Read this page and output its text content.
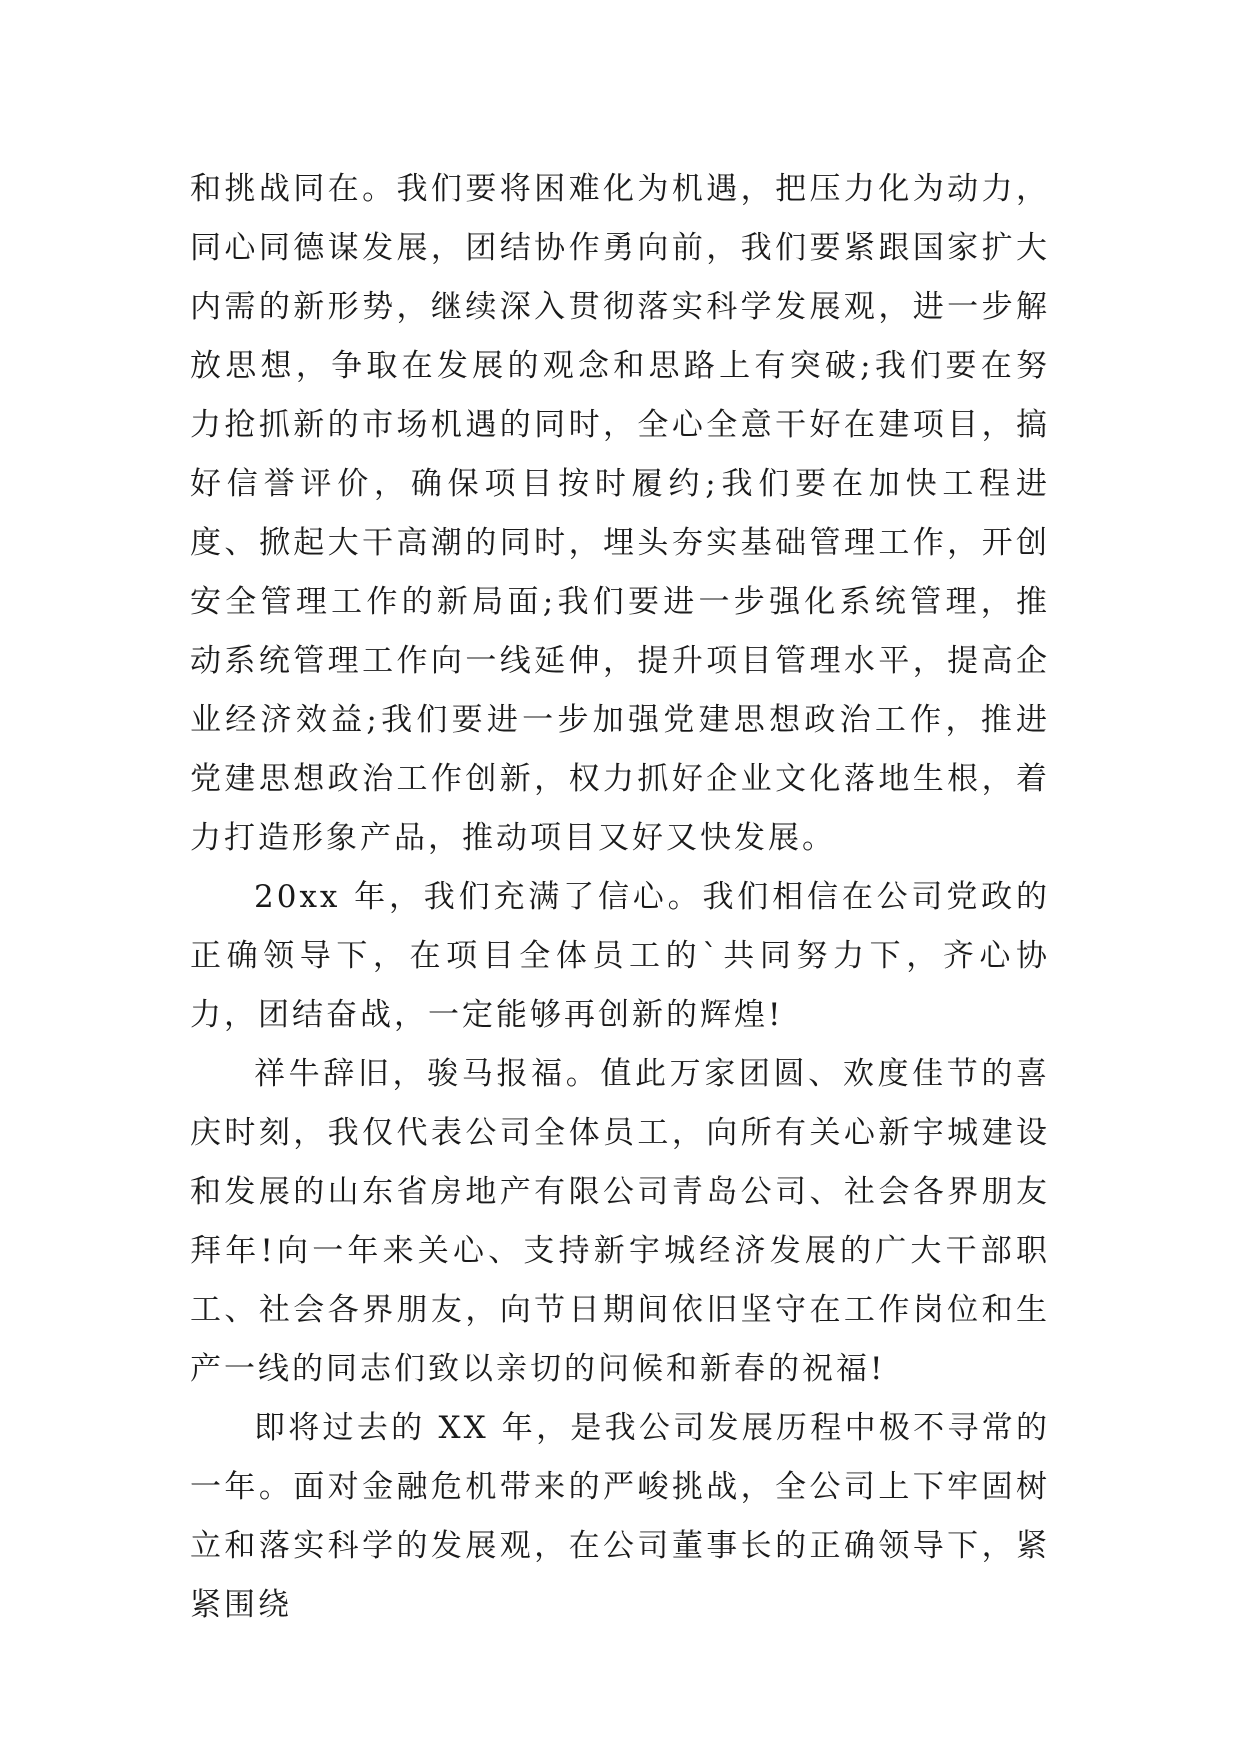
和挑战同在。我们要将困难化为机遇，把压力化为动力，同心同德谋发展，团结协作勇向前，我们要紧跟国家扩大内需的新形势，继续深入贯彻落实科学发展观，进一步解放思想，争取在发展的观念和思路上有突破;我们要在努力抢抓新的市场机遇的同时，全心全意干好在建项目，搞好信誉评价，确保项目按时履约;我们要在加快工程进度、掀起大干高潮的同时，埋头夯实基础管理工作，开创安全管理工作的新局面;我们要进一步强化系统管理，推动系统管理工作向一线延伸，提升项目管理水平，提高企业经济效益;我们要进一步加强党建思想政治工作，推进党建思想政治工作创新，权力抓好企业文化落地生根，着力打造形象产品，推动项目又好又快发展。

20xx 年，我们充满了信心。我们相信在公司党政的正确领导下，在项目全体员工的`共同努力下，齐心协力，团结奋战，一定能够再创新的辉煌!

祥牛辞旧，骏马报福。值此万家团圆、欢度佳节的喜庆时刻，我仅代表公司全体员工，向所有关心新宇城建设和发展的山东省房地产有限公司青岛公司、社会各界朋友拜年!向一年来关心、支持新宇城经济发展的广大干部职工、社会各界朋友，向节日期间依旧坚守在工作岗位和生产一线的同志们致以亲切的问候和新春的祝福!

即将过去的 XX 年，是我公司发展历程中极不寻常的一年。面对金融危机带来的严峻挑战，全公司上下牢固树立和落实科学的发展观，在公司董事长的正确领导下，紧紧围绕
